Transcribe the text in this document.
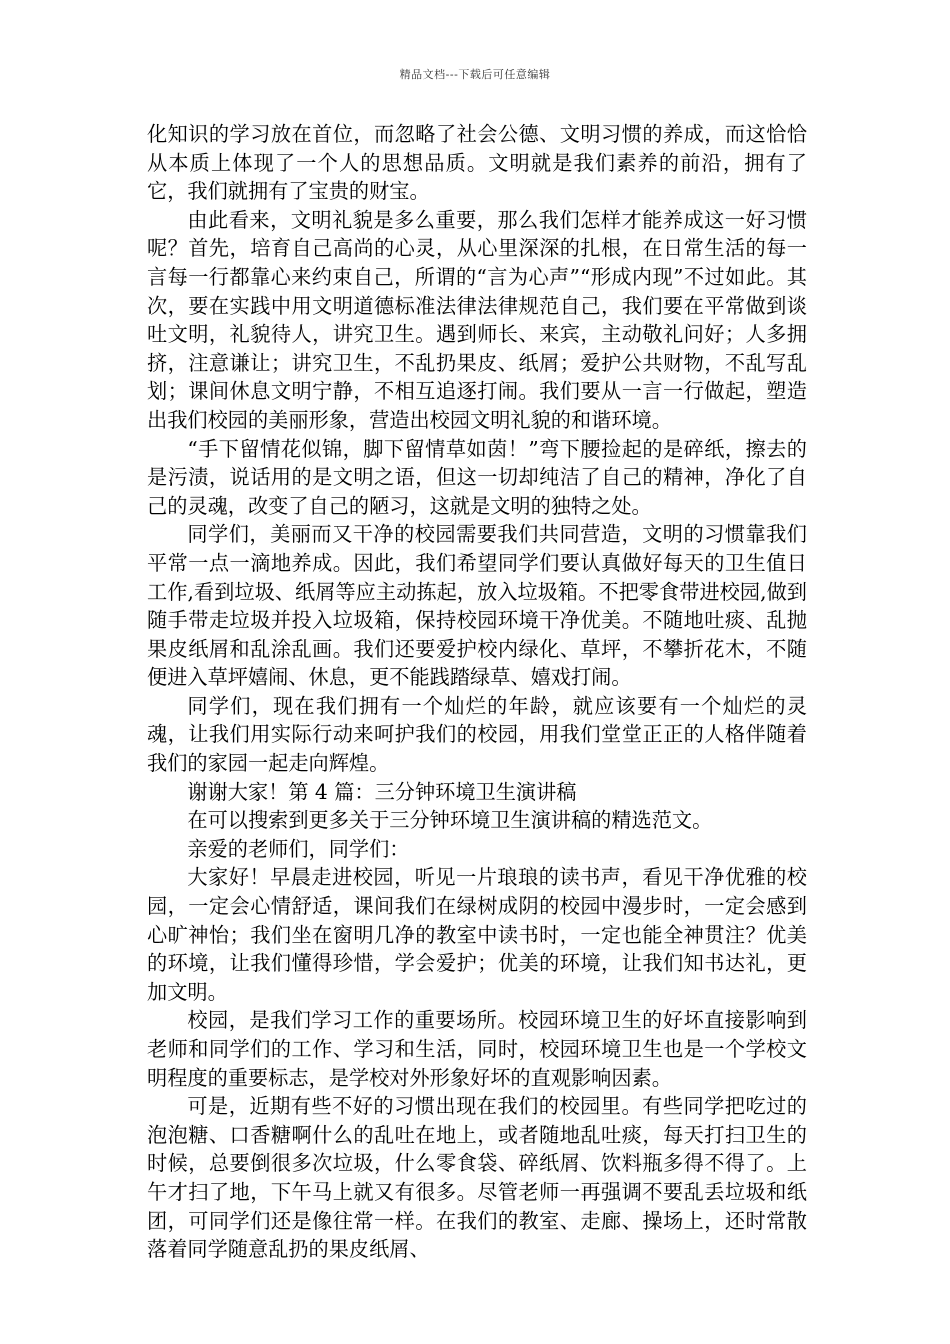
精品文档---下载后可任意编辑

化知识的学习放在首位，而忽略了社会公德、文明习惯的养成，而这恰恰从本质上体现了一个人的思想品质。文明就是我们素养的前沿，拥有了它，我们就拥有了宝贵的财宝。

由此看来，文明礼貌是多么重要，那么我们怎样才能养成这一好习惯呢？首先，培育自己高尚的心灵，从心里深深的扎根，在日常生活的每一言每一行都靠心来约束自己，所谓的“言为心声”“形成内现”不过如此。其次，要在实践中用文明道德标准法律法律规范自己，我们要在平常做到谈吐文明，礼貌待人，讲究卫生。遇到师长、来宾，主动敬礼问好；人多拥挤，注意谦让；讲究卫生，不乱扔果皮、纸屑；爱护公共财物，不乱写乱划；课间休息文明宁静，不相互追逐打闹。我们要从一言一行做起，塑造出我们校园的美丽形象，营造出校园文明礼貌的和谐环境。

“手下留情花似锦，脚下留情草如茵！”弯下腰捡起的是碎纸，擦去的是污渍，说话用的是文明之语，但这一切却纯洁了自己的精神，净化了自己的灵魂，改变了自己的陋习，这就是文明的独特之处。

同学们，美丽而又干净的校园需要我们共同营造，文明的习惯靠我们平常一点一滴地养成。因此，我们希望同学们要认真做好每天的卫生值日工作,看到垃圾、纸屑等应主动拣起，放入垃圾箱。不把零食带进校园,做到随手带走垃圾并投入垃圾箱，保持校园环境干净优美。不随地吐痰、乱抛果皮纸屑和乱涂乱画。我们还要爱护校内绿化、草坪，不攀折花木，不随便进入草坪嬉闹、休息，更不能践踏绿草、嬉戏打闹。

同学们，现在我们拥有一个灿烂的年龄，就应该要有一个灿烂的灵魂，让我们用实际行动来呵护我们的校园，用我们堂堂正正的人格伴随着我们的家园一起走向辉煌。

谢谢大家！第 4 篇：三分钟环境卫生演讲稿

在可以搜索到更多关于三分钟环境卫生演讲稿的精选范文。

亲爱的老师们，同学们：

大家好！早晨走进校园，听见一片琅琅的读书声，看见干净优雅的校园，一定会心情舒适，课间我们在绿树成阴的校园中漫步时，一定会感到心旷神怡；我们坐在窗明几净的教室中读书时，一定也能全神贯注？优美的环境，让我们懂得珍惜，学会爱护；优美的环境，让我们知书达礼，更加文明。

校园，是我们学习工作的重要场所。校园环境卫生的好坏直接影响到老师和同学们的工作、学习和生活，同时，校园环境卫生也是一个学校文明程度的重要标志，是学校对外形象好坏的直观影响因素。

可是，近期有些不好的习惯出现在我们的校园里。有些同学把吃过的泡泡糖、口香糖啊什么的乱吐在地上，或者随地乱吐痰，每天打扫卫生的时候，总要倒很多次垃圾，什么零食袋、碎纸屑、饮料瓶多得不得了。上午才扫了地，下午马上就又有很多。尽管老师一再强调不要乱丢垃圾和纸团，可同学们还是像往常一样。在我们的教室、走廊、操场上，还时常散落着同学随意乱扔的果皮纸屑、
